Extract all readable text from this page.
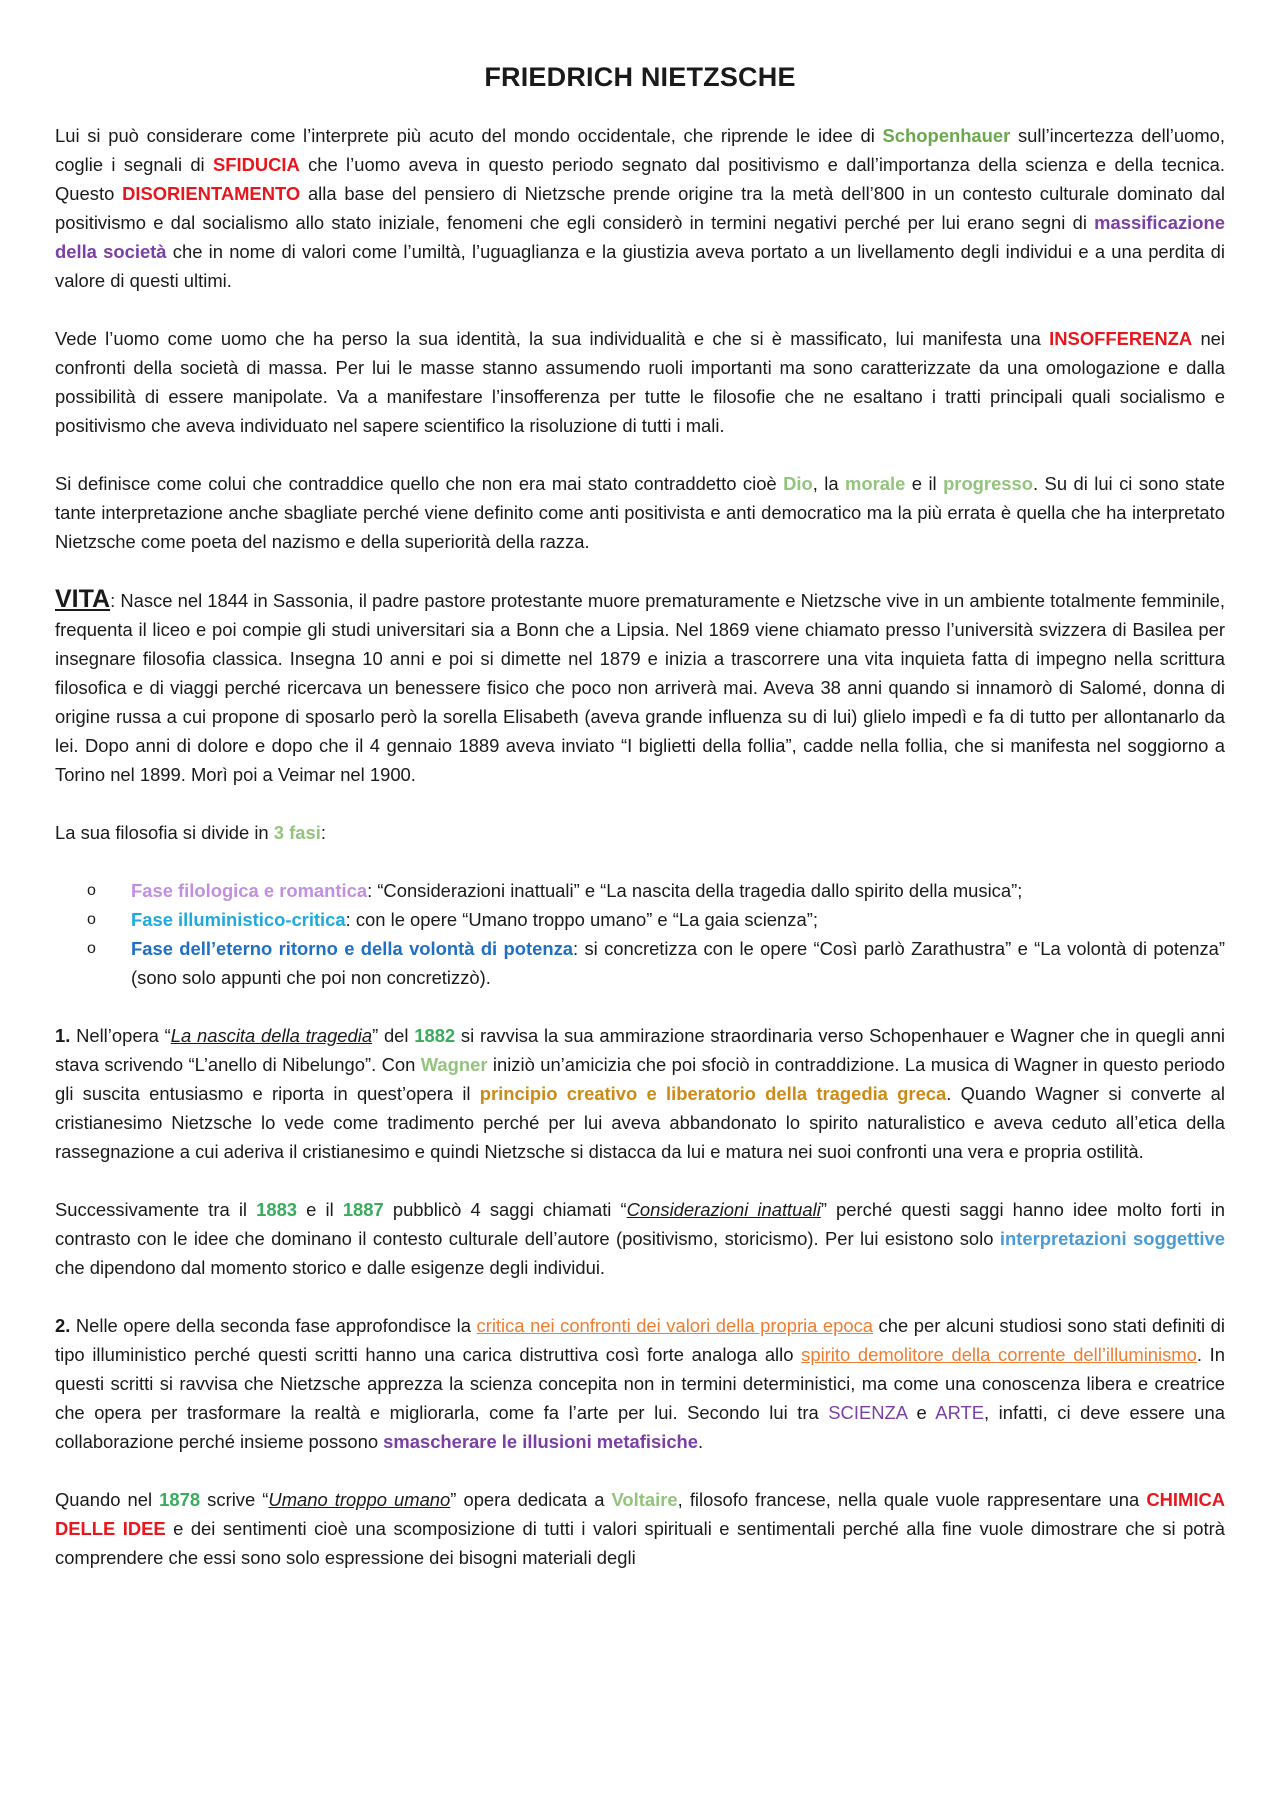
FRIEDRICH NIETZSCHE

Lui si può considerare come l’interprete più acuto del mondo occidentale, che riprende le idee di Schopenhauer sull’incertezza dell’uomo, coglie i segnali di SFIDUCIA che l’uomo aveva in questo periodo segnato dal positivismo e dall’importanza della scienza e della tecnica. Questo DISORIENTAMENTO alla base del pensiero di Nietzsche prende origine tra la metà dell’800 in un contesto culturale dominato dal positivismo e dal socialismo allo stato iniziale, fenomeni che egli considerò in termini negativi perché per lui erano segni di massificazione della società che in nome di valori come l’umiltà, l’uguaglianza e la giustizia aveva portato a un livellamento degli individui e a una perdita di valore di questi ultimi.

Vede l’uomo come uomo che ha perso la sua identità, la sua individualità e che si è massificato, lui manifesta una INSOFFERENZA nei confronti della società di massa. Per lui le masse stanno assumendo ruoli importanti ma sono caratterizzate da una omologazione e dalla possibilità di essere manipolate. Va a manifestare l’insofferenza per tutte le filosofie che ne esaltano i tratti principali quali socialismo e positivismo che aveva individuato nel sapere scientifico la risoluzione di tutti i mali.

Si definisce come colui che contraddice quello che non era mai stato contraddetto cioè Dio, la morale e il progresso. Su di lui ci sono state tante interpretazione anche sbagliate perché viene definito come anti positivista e anti democratico ma la più errata è quella che ha interpretato Nietzsche come poeta del nazismo e della superiorità della razza.

VITA: Nasce nel 1844 in Sassonia, il padre pastore protestante muore prematuramente e Nietzsche vive in un ambiente totalmente femminile, frequenta il liceo e poi compie gli studi universitari sia a Bonn che a Lipsia. Nel 1869 viene chiamato presso l’università svizzera di Basilea per insegnare filosofia classica. Insegna 10 anni e poi si dimette nel 1879 e inizia a trascorrere una vita inquieta fatta di impegno nella scrittura filosofica e di viaggi perché ricercava un benessere fisico che poco non arriverà mai. Aveva 38 anni quando si innamorò di Salomé, donna di origine russa a cui propone di sposarlo però la sorella Elisabeth (aveva grande influenza su di lui) glielo impedì e fa di tutto per allontanarlo da lei. Dopo anni di dolore e dopo che il 4 gennaio 1889 aveva inviato “I biglietti della follia”, cadde nella follia, che si manifesta nel soggiorno a Torino nel 1899. Morì poi a Veimar nel 1900.

La sua filosofia si divide in 3 fasi:

o Fase filologica e romantica: “Considerazioni inattuali” e “La nascita della tragedia dallo spirito della musica”;
o Fase illuministico-critica: con le opere “Umano troppo umano” e “La gaia scienza”;
o Fase dell’eterno ritorno e della volontà di potenza: si concretizza con le opere “Così parlò Zarathustra” e “La volontà di potenza” (sono solo appunti che poi non concretizzò).

1. Nell’opera “La nascita della tragedia” del 1882 si ravvisa la sua ammirazione straordinaria verso Schopenhauer e Wagner che in quegli anni stava scrivendo “L’anello di Nibelungo”. Con Wagner iniziò un’amicizia che poi sfociò in contraddizione. La musica di Wagner in questo periodo gli suscita entusiasmo e riporta in quest’opera il principio creativo e liberatorio della tragedia greca. Quando Wagner si converte al cristianesimo Nietzsche lo vede come tradimento perché per lui aveva abbandonato lo spirito naturalistico e aveva ceduto all’etica della rassegnazione a cui aderiva il cristianesimo e quindi Nietzsche si distacca da lui e matura nei suoi confronti una vera e propria ostilità.

Successivamente tra il 1883 e il 1887 pubblicò 4 saggi chiamati “Considerazioni inattuali” perché questi saggi hanno idee molto forti in contrasto con le idee che dominano il contesto culturale dell’autore (positivismo, storicismo). Per lui esistono solo interpretazioni soggettive che dipendono dal momento storico e dalle esigenze degli individui.

2. Nelle opere della seconda fase approfondisce la critica nei confronti dei valori della propria epoca che per alcuni studiosi sono stati definiti di tipo illuministico perché questi scritti hanno una carica distruttiva così forte analoga allo spirito demolitore della corrente dell’illuminismo. In questi scritti si ravvisa che Nietzsche apprezza la scienza concepita non in termini deterministici, ma come una conoscenza libera e creatrice che opera per trasformare la realtà e migliorarla, come fa l’arte per lui. Secondo lui tra SCIENZA e ARTE, infatti, ci deve essere una collaborazione perché insieme possono smascherare le illusioni metafisiche.

Quando nel 1878 scrive “Umano troppo umano” opera dedicata a Voltaire, filosofo francese, nella quale vuole rappresentare una CHIMICA DELLE IDEE e dei sentimenti cioè una scomposizione di tutti i valori spirituali e sentimentali perché alla fine vuole dimostrare che si potrà comprendere che essi sono solo espressione dei bisogni materiali degli
